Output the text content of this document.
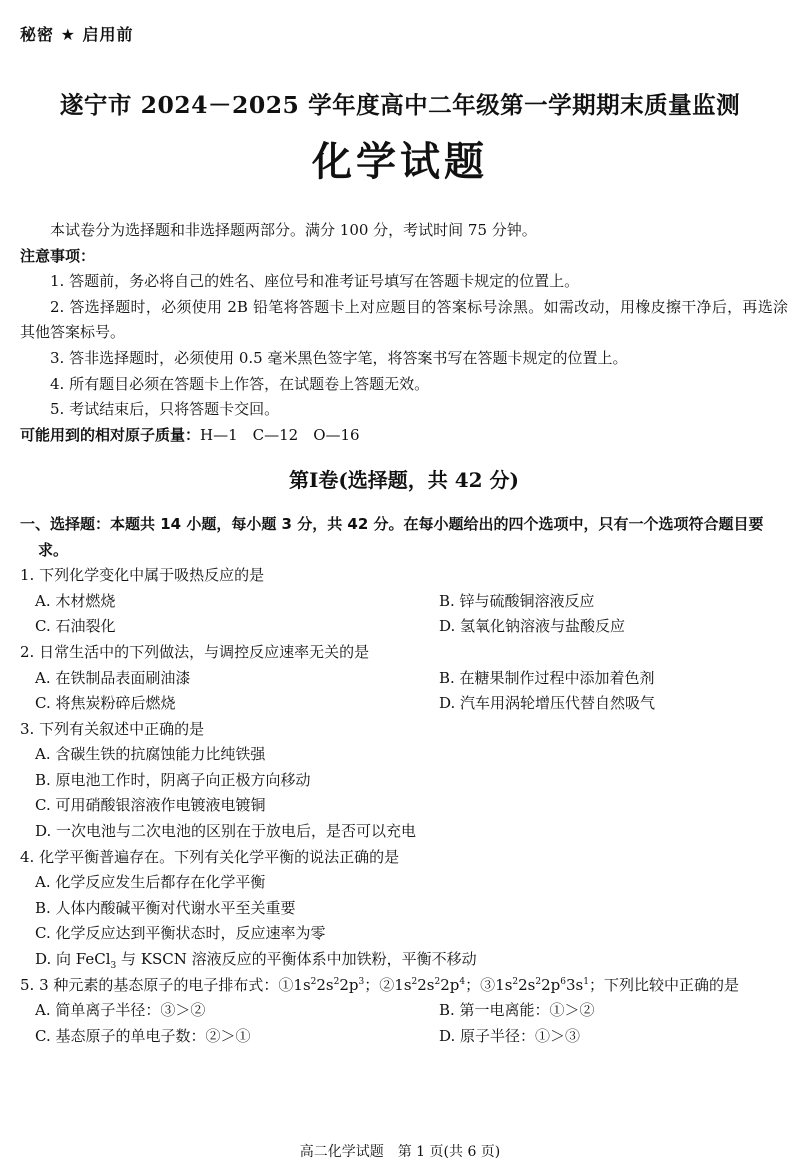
秘密 ★ 启用前
遂宁市 2024－2025 学年度高中二年级第一学期期末质量监测
化学试题

本试卷分为选择题和非选择题两部分。满分 100 分，考试时间 75 分钟。

注意事项：

1. 答题前，务必将自己的姓名、座位号和准考证号填写在答题卡规定的位置上。

2. 答选择题时，必须使用 2B 铅笔将答题卡上对应题目的答案标号涂黑。如需改动，用橡皮擦干净后，再选涂其他答案标号。

3. 答非选择题时，必须使用 0.5 毫米黑色签字笔，将答案书写在答题卡规定的位置上。

4. 所有题目必须在答题卡上作答，在试题卷上答题无效。

5. 考试结束后，只将答题卡交回。

可能用到的相对原子质量：H—1　C—12　O—16

第Ⅰ卷(选择题，共 42 分)

一、选择题：本题共 14 小题，每小题 3 分，共 42 分。在每小题给出的四个选项中，只有一个选项符合题目要求。

1. 下列化学变化中属于吸热反应的是

A. 木材燃烧	B. 锌与硫酸铜溶液反应
C. 石油裂化	D. 氢氧化钠溶液与盐酸反应

2. 日常生活中的下列做法，与调控反应速率无关的是

A. 在铁制品表面刷油漆	B. 在糖果制作过程中添加着色剂
C. 将焦炭粉碎后燃烧	D. 汽车用涡轮增压代替自然吸气

3. 下列有关叙述中正确的是

A. 含碳生铁的抗腐蚀能力比纯铁强

B. 原电池工作时，阴离子向正极方向移动

C. 可用硝酸银溶液作电镀液电镀铜

D. 一次电池与二次电池的区别在于放电后，是否可以充电

4. 化学平衡普遍存在。下列有关化学平衡的说法正确的是

A. 化学反应发生后都存在化学平衡

B. 人体内酸碱平衡对代谢水平至关重要

C. 化学反应达到平衡状态时，反应速率为零

D. 向 FeCl$_3$ 与 KSCN 溶液反应的平衡体系中加铁粉，平衡不移动

5. 3 种元素的基态原子的电子排布式：$①1s^22s^22p^3$；$②1s^22s^22p^4$；$③1s^22s^22p^63s^1$；下列比较中正确的是

A. 简单离子半径：③＞②	B. 第一电离能：①＞②
C. 基态原子的单电子数：②＞①	D. 原子半径：①＞③
高二化学试题　第 1 页(共 6 页)
